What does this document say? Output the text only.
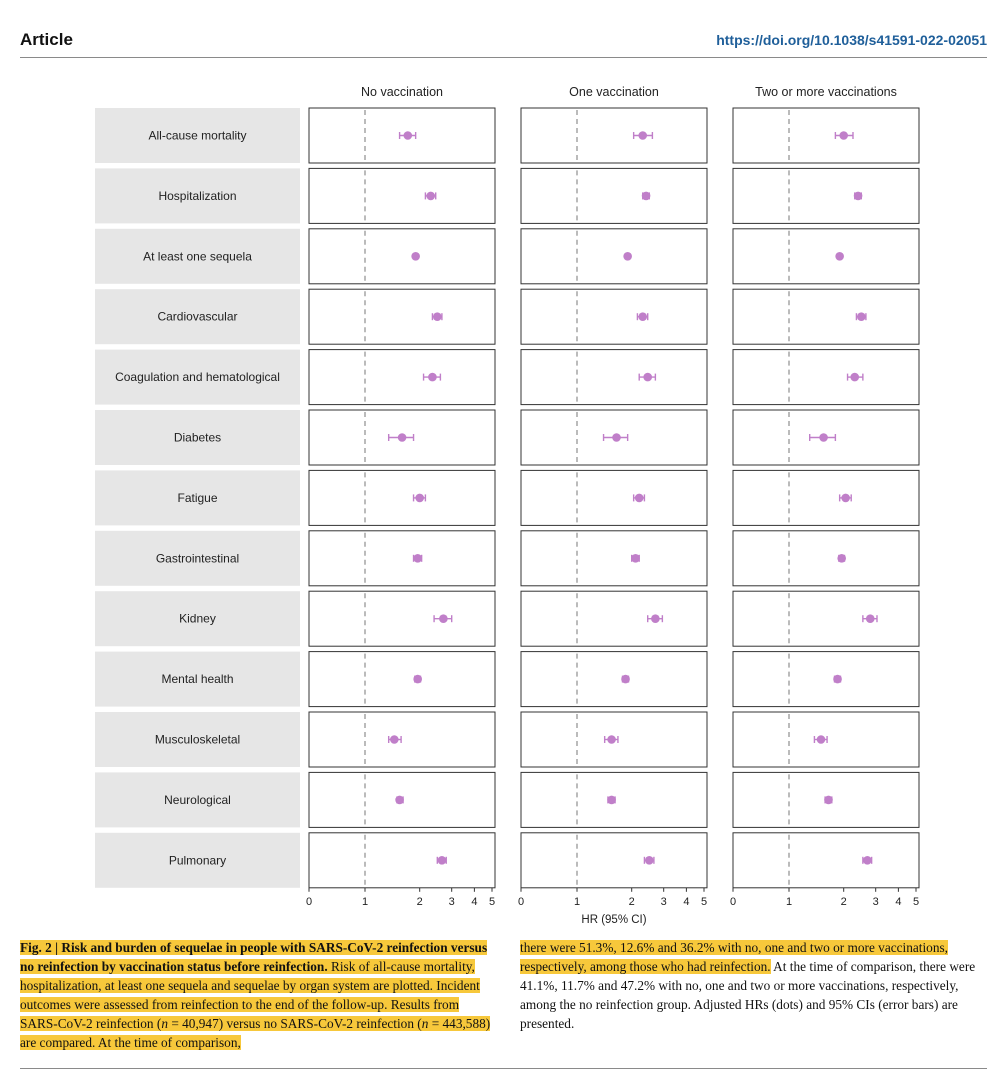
Article	https://doi.org/10.1038/s41591-022-02051
No vaccination	One vaccination	Two or more vaccinations
All-cause mortality
Hospitalization
At least one sequela
Cardiovascular
Coagulation and hematological
Diabetes
Fatigue
Gastrointestinal
Kidney
Mental health
Musculoskeletal
Neurological
Pulmonary
0	1	2 3 4 5 0	1	2 3 4 5 0	1	2 3 4 5
HR (95% CI)
Fig. 2 | Risk and burden of sequelae in people with SARS-CoV-2 reinfection versus no reinfection by vaccination status before reinfection. Risk of all-cause mortality, hospitalization, at least one sequela and sequelae by organ system are plotted. Incident outcomes were assessed from reinfection to the end of the follow-up. Results from SARS-CoV-2 reinfection (n = 40,947) versus no SARS-CoV-2 reinfection (n = 443,588) are compared. At the time of comparison,
there were 51.3%, 12.6% and 36.2% with no, one and two or more vaccinations, respectively, among those who had reinfection. At the time of comparison, there were 41.1%, 11.7% and 47.2% with no, one and two or more vaccinations, respectively, among the no reinfection group. Adjusted HRs (dots) and 95% CIs (error bars) are presented.
